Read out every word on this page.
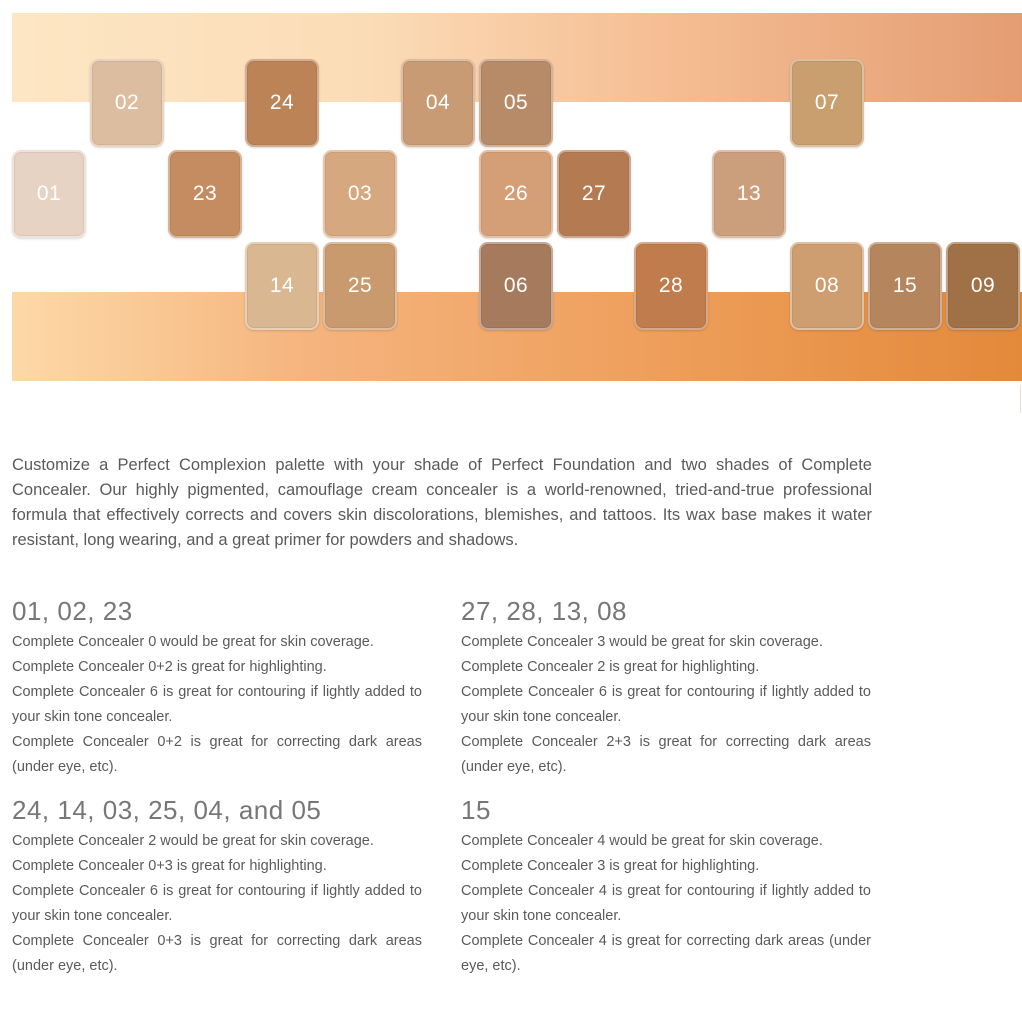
01
02
23
24
14
03
25
04	05
26
06
27
28
13
07
08	15	09

Customize a Perfect Complexion palette with your shade of Perfect Foundation and two shades of Complete Concealer. Our highly pigmented, camouflage cream concealer is a world-renowned, tried-and-true professional formula that effectively corrects and covers skin discolorations, blemishes, and tattoos. Its wax base makes it water resistant, long wearing, and a great primer for powders and shadows.

01, 02, 23

Complete Concealer 0 would be great for skin coverage.

Complete Concealer 0+2 is great for highlighting.

Complete Concealer 6 is great for contouring if lightly added to your skin tone concealer.

Complete Concealer 0+2 is great for correcting dark areas (under eye, etc).

24, 14, 03, 25, 04, and 05

Complete Concealer 2 would be great for skin coverage.

Complete Concealer 0+3 is great for highlighting.

Complete Concealer 6 is great for contouring if lightly added to your skin tone concealer.

Complete Concealer 0+3 is great for correcting dark areas (under eye, etc).

27, 28, 13, 08

Complete Concealer 3 would be great for skin coverage.

Complete Concealer 2 is great for highlighting.

Complete Concealer 6 is great for contouring if lightly added to your skin tone concealer.

Complete Concealer 2+3 is great for correcting dark areas (under eye, etc).

15

Complete Concealer 4 would be great for skin coverage.

Complete Concealer 3 is great for highlighting.

Complete Concealer 4 is great for contouring if lightly added to your skin tone concealer.

Complete Concealer 4 is great for correcting dark areas (under eye, etc).
